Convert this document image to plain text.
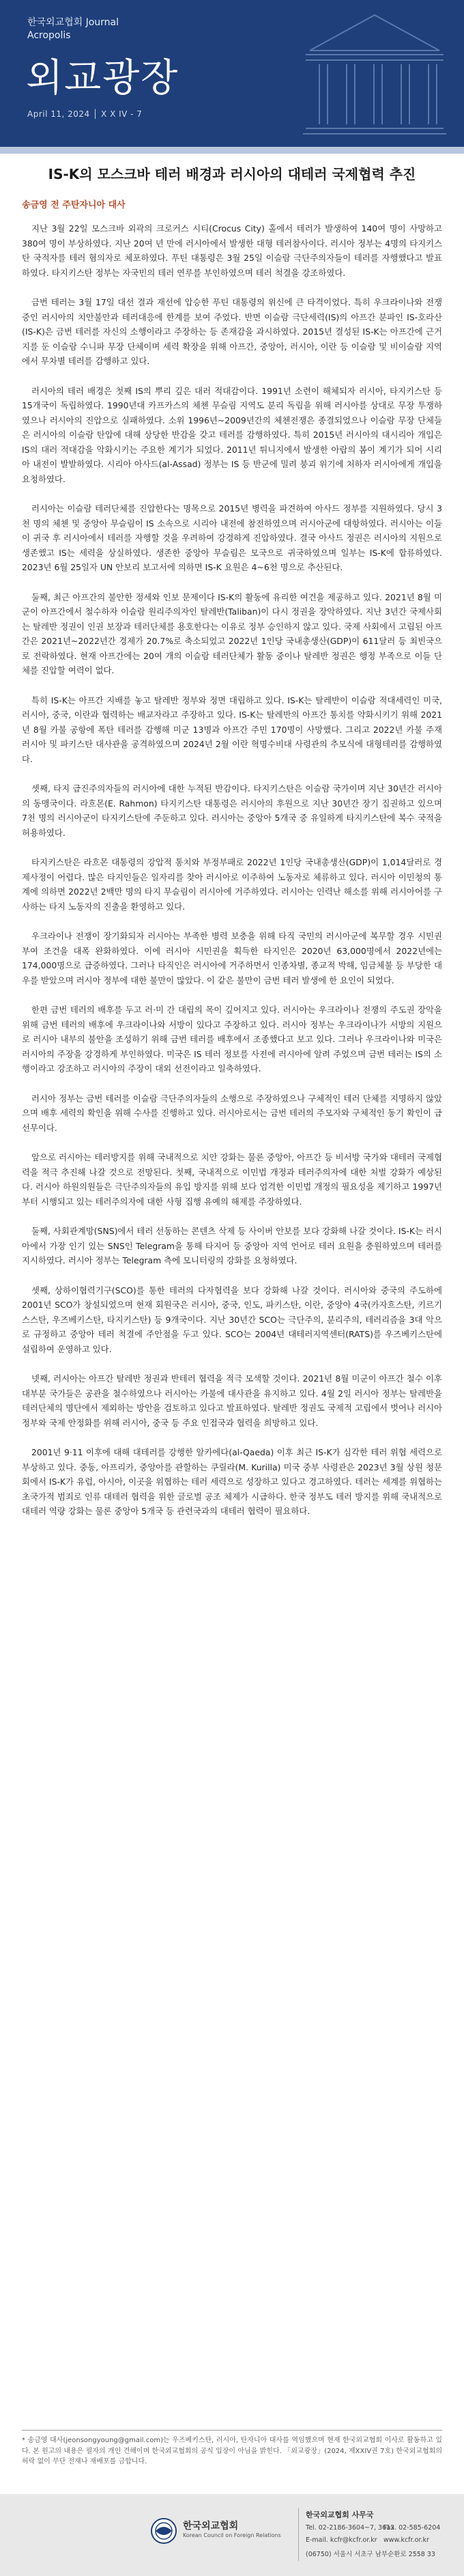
한국외교협회 Journal
Acropolis
외교광장
April 11, 2024 │ X X IV - 7
IS-K의 모스크바 테러 배경과 러시아의 대테러 국제협력 추진
송금영 전 주탄자니아 대사

지난 3월 22일 모스크바 외곽의 크로커스 시티(Crocus City) 홀에서 테러가 발생하여 140여 명이 사망하고 380여 명이 부상하였다. 지난 20여 년 만에 러시아에서 발생한 대형 테러참사이다. 러시아 정부는 4명의 타지키스탄 국적자를 테러 혐의자로 체포하였다. 푸틴 대통령은 3월 25일 이슬람 극단주의자들이 테러를 자행했다고 발표하였다. 타지키스탄 정부는 자국민의 테러 연루를 부인하였으며 테러 척결을 강조하였다.

금번 테러는 3월 17일 대선 결과 재선에 압승한 푸틴 대통령의 위신에 큰 타격이었다. 특히 우크라이나와 전쟁 중인 러시아의 치안불안과 테러대응에 한계를 보여 주었다. 반면 이슬람 극단세력(IS)의 아프간 분파인 IS-호라산(IS-K)은 금번 테러를 자신의 소행이라고 주장하는 등 존재감을 과시하였다. 2015년 결성된 IS-K는 아프간에 근거지를 둔 이슬람 수니파 무장 단체이며 세력 확장을 위해 아프간, 중앙아, 러시아, 이란 등 이슬람 및 비이슬람 지역에서 무차별 테러를 감행하고 있다.

러시아의 테러 배경은 첫째 IS의 뿌리 깊은 대러 적대감이다. 1991년 소련이 해체되자 러시아, 타지키스탄 등 15개국이 독립하였다. 1990년대 카프카스의 체첸 무슬림 지역도 분리 독립을 위해 러시아를 상대로 무장 투쟁하였으나 러시아의 진압으로 실패하였다. 소위 1996년~2009년간의 체첸전쟁은 종결되었으나 이슬람 무장 단체들은 러시아의 이슬람 탄압에 대해 상당한 반감을 갖고 테러를 감행하였다. 특히 2015년 러시아의 대시리아 개입은 IS의 대러 적대감을 악화시키는 주요한 계기가 되었다. 2011년 튀니지에서 발생한 아랍의 봄이 계기가 되어 시리아 내전이 발발하였다. 시리아 아사드(al-Assad) 정부는 IS 등 반군에 밀려 붕괴 위기에 처하자 러시아에게 개입을 요청하였다.

러시아는 이슬람 테러단체를 진압한다는 명목으로 2015년 병력을 파견하여 아사드 정부를 지원하였다. 당시 3천 명의 체첸 및 중앙아 무슬림이 IS 소속으로 시리아 내전에 참전하였으며 러시아군에 대항하였다. 러시아는 이들이 귀국 후 러시아에서 테러를 자행할 것을 우려하여 강경하게 진압하였다. 결국 아사드 정권은 러시아의 지원으로 생존했고 IS는 세력을 상실하였다. 생존한 중앙아 무슬림은 모국으로 귀국하였으며 일부는 IS-K에 합류하였다. 2023년 6월 25일자 UN 안보리 보고서에 의하면 IS-K 요원은 4~6천 명으로 추산된다.

둘째, 최근 아프간의 불안한 정세와 인보 문제이다 IS-K의 활동에 유리한 여건을 제공하고 있다. 2021년 8월 미군이 아프간에서 철수하자 이슬람 원리주의자인 탈레반(Taliban)이 다시 정권을 장악하였다. 지난 3년간 국제사회는 탈레반 정권이 인권 보장과 테러단체를 용호한다는 이유로 정부 승인하지 않고 있다. 국제 사회에서 고립된 아프간은 2021년~2022년간 경제가 20.7%로 축소되었고 2022년 1인당 국내총생산(GDP)이 611달러 등 최빈국으로 전락하였다. 현재 아프간에는 20여 개의 이슬람 테러단체가 활동 중이나 탈레반 정권은 행정 부족으로 이들 단체를 진압할 여력이 없다.

특히 IS-K는 아프간 지배를 놓고 탈레반 정부와 정면 대립하고 있다. IS-K는 탈레반이 이슬람 적대세력인 미국, 러시아, 중국, 이란과 협력하는 배교자라고 주장하고 있다. IS-K는 탈레반의 아프간 통치를 약화시키기 위해 2021년 8월 카불 공항에 폭탄 테러를 감행해 미군 13명과 아프간 주민 170명이 사망했다. 그리고 2022년 카불 주재 러시아 및 파키스탄 대사관을 공격하였으며 2024년 2월 이란 혁명수비대 사령관의 추모식에 대형테러를 감행하였다.

셋째, 타지 급진주의자들의 러시아에 대한 누적된 반감이다. 타지키스탄은 이슬람 국가이며 지난 30년간 러시아의 동맹국이다. 라흐몬(E. Rahmon) 타지키스탄 대통령은 러시아의 후원으로 지난 30년간 장기 집권하고 있으며 7천 명의 러시아군이 타지키스탄에 주둔하고 있다. 러시아는 중앙아 5개국 중 유일하게 타지키스탄에 복수 국적을 허용하였다.

타지키스탄은 라흐몬 대통령의 강압적 통치와 부정부패로 2022년 1인당 국내총생산(GDP)이 1,014달러로 경제사정이 어렵다. 많은 타지인들은 일자리를 찾아 러시아로 이주하여 노동자로 체류하고 있다. 러시아 이민청의 통계에 의하면 2022년 2백만 명의 타지 무슬림이 러시아에 거주하였다. 러시아는 인력난 해소를 위해 러시아어를 구사하는 타지 노동자의 진출을 환영하고 있다.

우크라이나 전쟁이 장기화되자 러시아는 부족한 병력 보충을 위해 타직 국민의 러시아군에 복무할 경우 시민권 부여 조건을 대폭 완화하였다. 이에 러시아 시민권을 획득한 타지인은 2020년 63,000명에서 2022년에는 174,000명으로 급증하였다. 그러나 타직인은 러시아에 거주하면서 인종차별, 종교적 박해, 임금체불 등 부당한 대우를 받았으며 러시아 정부에 대한 불만이 많았다. 이 같은 불만이 금번 테러 발생에 한 요인이 되었다.

한편 금번 테러의 배후를 두고 러·미 간 대립의 목이 깊어지고 있다. 러시아는 우크라이나 전쟁의 주도권 장악을 위해 금번 테러의 배후에 우크라이나와 서방이 있다고 주장하고 있다. 러시아 정부는 우크라이나가 서방의 지원으로 러시아 내부의 불안을 조성하기 위해 금번 테러를 배후에서 조종했다고 보고 있다. 그러나 우크라이나와 미국은 러시아의 주장을 강경하게 부인하였다. 미국은 IS 테러 정보를 사전에 러시아에 알려 주었으며 금번 테러는 IS의 소행이라고 강조하고 러시아의 주장이 대외 선전이라고 일축하였다.

러시아 정부는 금번 테러를 이슬람 극단주의자들의 소행으로 주장하였으나 구체적인 테러 단체를 지명하지 않았으며 배후 세력의 확인을 위해 수사를 진행하고 있다. 러시아로서는 금번 테러의 주모자와 구체적인 동기 확인이 급선무이다.

앞으로 러시아는 테러방지를 위해 국내적으로 치안 강화는 물론 중앙아, 아프간 등 비서방 국가와 대테러 국제협력을 적극 추진해 나갈 것으로 전망된다. 첫째, 국내적으로 이민법 개정과 테러주의자에 대한 처벌 강화가 예상된다. 러시아 하원의원들은 극단주의자들의 유입 방지를 위해 보다 엄격한 이민법 개정의 필요성을 제기하고 1997년부터 시행되고 있는 테러주의자에 대한 사형 집행 유예의 해제를 주장하였다.

둘째, 사회관계망(SNS)에서 테러 선동하는 콘텐츠 삭제 등 사이버 안보를 보다 강화해 나갈 것이다. IS-K는 러시아에서 가장 인기 있는 SNS인 Telegram을 통해 타지어 등 중앙아 지역 언어로 테러 요원을 충원하였으며 테러를 지시하였다. 러시아 정부는 Telegram 측에 모니터링의 강화를 요청하였다.

셋째, 상하이협력기구(SCO)를 통한 테러의 다자협력을 보다 강화해 나갈 것이다. 러시아와 중국의 주도하에 2001년 SCO가 창설되었으며 현재 회원국은 러시아, 중국, 인도, 파키스탄, 이란, 중앙아 4국(카자흐스탄, 키르기스스탄, 우즈베키스탄, 타지키스탄) 등 9개국이다. 지난 30년간 SCO는 극단주의, 분리주의, 테러리즘을 3대 악으로 규정하고 중앙아 테러 척결에 주안점을 두고 있다. SCO는 2004년 대테러지역센터(RATS)를 우즈베키스탄에 설립하여 운영하고 있다.

넷째, 러시아는 아프간 탈레반 정권과 반테러 협력을 적극 모색할 것이다. 2021년 8월 미군이 아프간 철수 이후 대부분 국가들은 공관을 철수하였으나 러시아는 카불에 대사관을 유지하고 있다. 4월 2일 러시아 정부는 탈레반을 테러단체의 명단에서 제외하는 방안을 검토하고 있다고 발표하였다. 탈레반 정권도 국제적 고립에서 벗어나 러시아 정부와 국제 안정화를 위해 러시아, 중국 등 주요 인접국과 협력을 희망하고 있다.

2001년 9·11 이후에 대해 대테러를 강행한 알카에다(al-Qaeda) 이후 최근 IS-K가 심각한 테러 위협 세력으로 부상하고 있다. 중동, 아프리카, 중앙아를 관할하는 쿠릴라(M. Kurilla) 미국 중부 사령관은 2023년 3월 상원 청문회에서 IS-K가 유럽, 아시아, 이곳을 위협하는 테러 세력으로 성장하고 있다고 경고하였다. 테러는 세계를 위협하는 초국가적 범죄로 인류 대테러 협력을 위한 글로벌 공조 체제가 시급하다. 한국 정부도 테러 방지를 위해 국내적으로 대테러 역량 강화는 물론 중앙아 5개국 등 관련국과의 대테러 협력이 필요하다.

* 송금영 대사(jeonsongyoung@gmail.com)는 우즈베키스탄, 러시아, 탄자니아 대사를 역임했으며 현재 한국외교협회 이사로 활동하고 있다. 본 원고의 내용은 필자의 개인 견해이며 한국외교협회의 공식 입장이 아님을 밝힌다. 「외교광장」(2024, 제XXIV권 7호) 한국외교협회의 허락 없이 무단 전재나 재배포를 금합니다.
한국외교협회
Korean Council on Foreign Relations
한국외교협회 사무국
Tel. 02-2186-3604~7, 3613
Fax. 02-585-6204
E-mail. kcfr@kcfr.or.kr www.kcfr.or.kr
(06750) 서울시 서초구 남부순환로 2558 33
